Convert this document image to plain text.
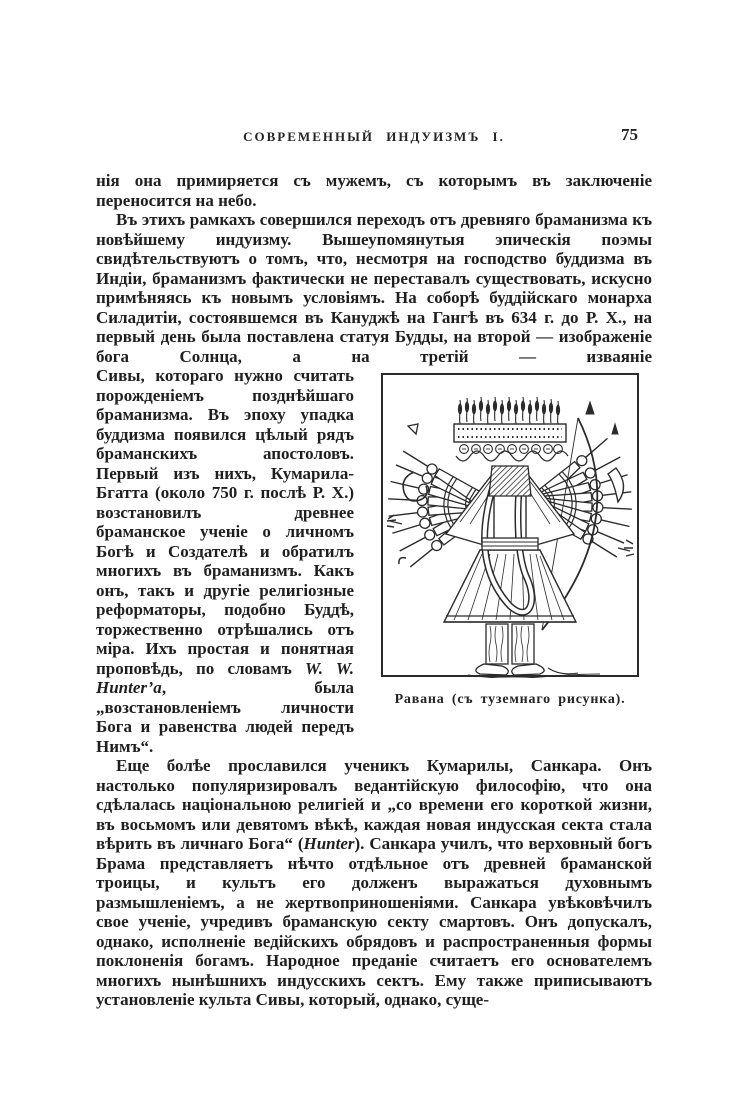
СОВРЕМЕННЫЙ ИНДУИЗМЪ I.	75

нія она примиряется съ мужемъ, съ которымъ въ заключеніе переносится на небо.

Въ этихъ рамкахъ совершился переходъ отъ древняго браманизма къ новѣйшему индуизму. Вышеупомянутыя эпическія поэмы свидѣтельствуютъ о томъ, что, несмотря на господство буддизма въ Индіи, браманизмъ фактически не переставалъ существовать, искусно примѣняясь къ новымъ условіямъ. На соборѣ буддійскаго монарха Силадитіи, состоявшемся въ Кануджѣ на Гангѣ въ 634 г. до Р. Х., на первый день была поставлена статуя Будды, на второй — изображеніе бога Солнца, а на третій — изваяніе

Равана (съ туземнаго рисунка).
Сивы, котораго нужно считать порожденіемъ позднѣйшаго браманизма. Въ эпоху упадка буддизма появился цѣлый рядъ браманскихъ апостоловъ. Первый изъ нихъ, Кумарила-Бгатта (около 750 г. послѣ Р. Х.) возстановилъ древнее браманское ученіе о личномъ Богѣ и Создателѣ и обратилъ многихъ въ браманизмъ. Какъ онъ, такъ и другіе религіозные реформаторы, подобно Буддѣ, торжественно отрѣшались отъ міра. Ихъ простая и понятная проповѣдь, по словамъ W. W. Hunter’а, была „возстановленіемъ личности Бога и равенства людей передъ Нимъ“.

Еще болѣе прославился ученикъ Кумарилы, Санкара. Онъ настолько популяризировалъ ведантійскую философію, что она сдѣлалась національною религіей и „со времени его короткой жизни, въ восьмомъ или девятомъ вѣкѣ, каждая новая индусская секта стала вѣрить въ личнаго Бога“ (Hunter). Санкара училъ, что верховный богъ Брама представляетъ нѣчто отдѣльное отъ древней браманской троицы, и культъ его долженъ выражаться духовнымъ размышленіемъ, а не жертвоприношеніями. Санкара увѣковѣчилъ свое ученіе, учредивъ браманскую секту смартовъ. Онъ допускалъ, однако, исполненіе ведійскихъ обрядовъ и распространенныя формы поклоненія богамъ. Народное преданіе считаетъ его основателемъ многихъ нынѣшнихъ индусскихъ сектъ. Ему также приписываютъ установленіе культа Сивы, который, однако, суще-
